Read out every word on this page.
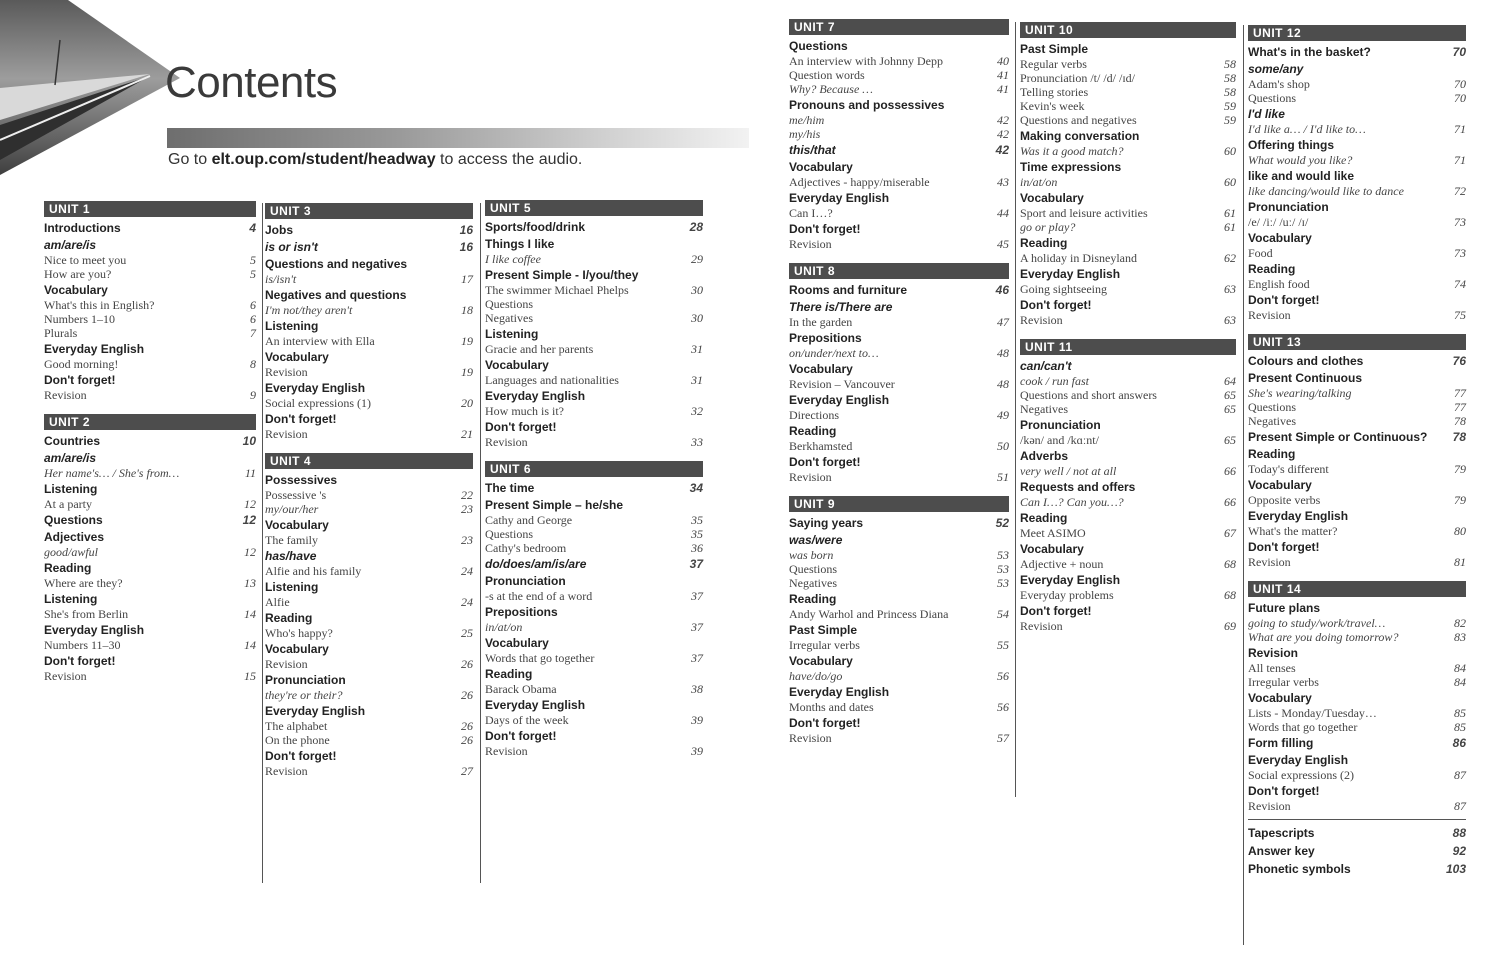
Contents
Go to elt.oup.com/student/headway to access the audio.
UNIT 1
Introductions	4
am/are/is
Nice to meet you	5
How are you?	5
Vocabulary
What's this in English?	6
Numbers 1–10	6
Plurals	7
Everyday English
Good morning!	8
Don't forget!
Revision	9
UNIT 2
Countries	10
am/are/is
Her name's… / She's from…	11
Listening
At a party	12
Questions	12
Adjectives
good/awful	12
Reading
Where are they?	13
Listening
She's from Berlin	14
Everyday English
Numbers 11–30	14
Don't forget!
Revision	15
UNIT 3
Jobs	16
is or isn't	16
Questions and negatives
is/isn't	17
Negatives and questions
I'm not/they aren't	18
Listening
An interview with Ella	19
Vocabulary
Revision	19
Everyday English
Social expressions (1)	20
Don't forget!
Revision	21
UNIT 4
Possessives
Possessive 's	22
my/our/her	23
Vocabulary
The family	23
has/have
Alfie and his family	24
Listening
Alfie	24
Reading
Who's happy?	25
Vocabulary
Revision	26
Pronunciation
they're or their?	26
Everyday English
The alphabet	26
On the phone	26
Don't forget!
Revision	27
UNIT 5
Sports/food/drink	28
Things I like
I like coffee	29
Present Simple - I/you/they
The swimmer Michael Phelps	30
Questions
Negatives	30
Listening
Gracie and her parents	31
Vocabulary
Languages and nationalities	31
Everyday English
How much is it?	32
Don't forget!
Revision	33
UNIT 6
The time	34
Present Simple – he/she
Cathy and George	35
Questions	35
Cathy's bedroom	36
do/does/am/is/are	37
Pronunciation
-s at the end of a word	37
Prepositions
in/at/on	37
Vocabulary
Words that go together	37
Reading
Barack Obama	38
Everyday English
Days of the week	39
Don't forget!
Revision	39
UNIT 7
Questions
An interview with Johnny Depp	40
Question words	41
Why? Because …	41
Pronouns and possessives
me/him	42
my/his	42
this/that	42
Vocabulary
Adjectives - happy/miserable	43
Everyday English
Can I…?	44
Don't forget!
Revision	45
UNIT 8
Rooms and furniture	46
There is/There are
In the garden	47
Prepositions
on/under/next to…	48
Vocabulary
Revision – Vancouver	48
Everyday English
Directions	49
Reading
Berkhamsted	50
Don't forget!
Revision	51
UNIT 9
Saying years	52
was/were
was born	53
Questions	53
Negatives	53
Reading
Andy Warhol and Princess Diana	54
Past Simple
Irregular verbs	55
Vocabulary
have/do/go	56
Everyday English
Months and dates	56
Don't forget!
Revision	57
UNIT 10
Past Simple
Regular verbs	58
Pronunciation /t/ /d/ /ɪd/	58
Telling stories	58
Kevin's week	59
Questions and negatives	59
Making conversation
Was it a good match?	60
Time expressions
in/at/on	60
Vocabulary
Sport and leisure activities	61
go or play?	61
Reading
A holiday in Disneyland	62
Everyday English
Going sightseeing	63
Don't forget!
Revision	63
UNIT 11
can/can't
cook / run fast	64
Questions and short answers	65
Negatives	65
Pronunciation
/kən/ and /kɑːnt/	65
Adverbs
very well / not at all	66
Requests and offers
Can I…? Can you…?	66
Reading
Meet ASIMO	67
Vocabulary
Adjective + noun	68
Everyday English
Everyday problems	68
Don't forget!
Revision	69
UNIT 12
What's in the basket?	70
some/any
Adam's shop	70
Questions	70
I'd like
I'd like a… / I'd like to…	71
Offering things
What would you like?	71
like and would like
like dancing/would like to dance	72
Pronunciation
/e/ /iː/ /uː/ /ɪ/	73
Vocabulary
Food	73
Reading
English food	74
Don't forget!
Revision	75
UNIT 13
Colours and clothes	76
Present Continuous
She's wearing/talking	77
Questions	77
Negatives	78
Present Simple or Continuous?	78
Reading
Today's different	79
Vocabulary
Opposite verbs	79
Everyday English
What's the matter?	80
Don't forget!
Revision	81
UNIT 14
Future plans
going to study/work/travel…	82
What are you doing tomorrow?	83
Revision
All tenses	84
Irregular verbs	84
Vocabulary
Lists - Monday/Tuesday…	85
Words that go together	85
Form filling	86
Everyday English
Social expressions (2)	87
Don't forget!
Revision	87
Tapescripts	88
Answer key	92
Phonetic symbols	103
